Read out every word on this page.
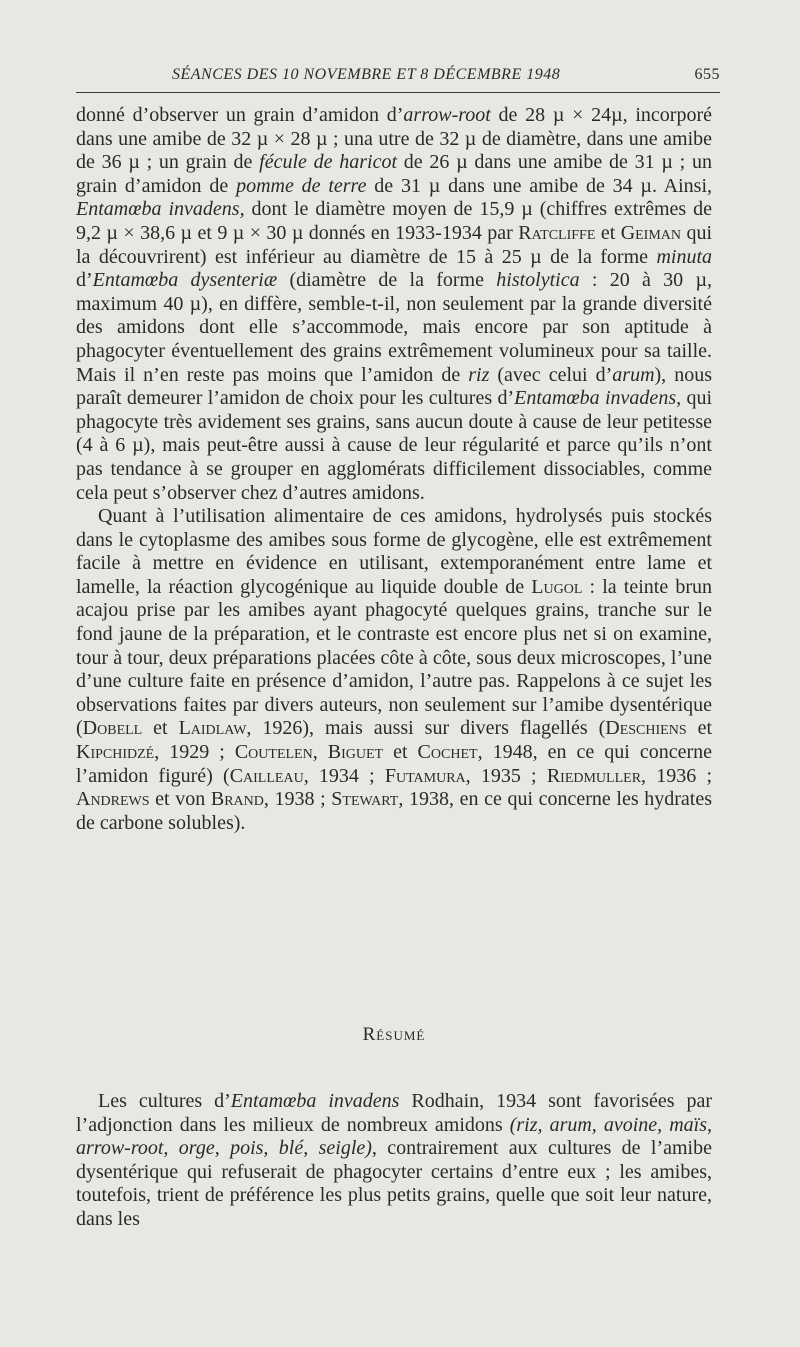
SÉANCES DES 10 NOVEMBRE ET 8 DÉCEMBRE 1948	655

donné d’observer un grain d’amidon d’arrow-root de 28 µ × 24µ, incorporé dans une amibe de 32 µ × 28 µ ; una utre de 32 µ de diamètre, dans une amibe de 36 µ ; un grain de fécule de haricot de 26 µ dans une amibe de 31 µ ; un grain d’amidon de pomme de terre de 31 µ dans une amibe de 34 µ. Ainsi, Entamœba invadens, dont le diamètre moyen de 15,9 µ (chiffres extrêmes de 9,2 µ × 38,6 µ et 9 µ × 30 µ donnés en 1933-1934 par Ratcliffe et Geiman qui la découvrirent) est inférieur au diamètre de 15 à 25 µ de la forme minuta d’Entamœba dysenteriæ (diamètre de la forme histolytica : 20 à 30 µ, maximum 40 µ), en diffère, semble-t-il, non seulement par la grande diversité des amidons dont elle s’accommode, mais encore par son aptitude à phagocyter éventuellement des grains extrêmement volumineux pour sa taille. Mais il n’en reste pas moins que l’amidon de riz (avec celui d’arum), nous paraît demeurer l’amidon de choix pour les cultures d’Entamœba invadens, qui phagocyte très avidement ses grains, sans aucun doute à cause de leur petitesse (4 à 6 µ), mais peut-être aussi à cause de leur régularité et parce qu’ils n’ont pas tendance à se grouper en agglomérats difficilement dissociables, comme cela peut s’observer chez d’autres amidons.

Quant à l’utilisation alimentaire de ces amidons, hydrolysés puis stockés dans le cytoplasme des amibes sous forme de glycogène, elle est extrêmement facile à mettre en évidence en utilisant, extemporanément entre lame et lamelle, la réaction glycogénique au liquide double de Lugol : la teinte brun acajou prise par les amibes ayant phagocyté quelques grains, tranche sur le fond jaune de la préparation, et le contraste est encore plus net si on examine, tour à tour, deux préparations placées côte à côte, sous deux microscopes, l’une d’une culture faite en présence d’amidon, l’autre pas. Rappelons à ce sujet les observations faites par divers auteurs, non seulement sur l’amibe dysentérique (Dobell et Laidlaw, 1926), mais aussi sur divers flagellés (Deschiens et Kipchidzé, 1929 ; Coutelen, Biguet et Cochet, 1948, en ce qui concerne l’amidon figuré) (Cailleau, 1934 ; Futamura, 1935 ; Riedmuller, 1936 ; Andrews et von Brand, 1938 ; Stewart, 1938, en ce qui concerne les hydrates de carbone solubles).

Résumé

Les cultures d’Entamœba invadens Rodhain, 1934 sont favorisées par l’adjonction dans les milieux de nombreux amidons (riz, arum, avoine, maïs, arrow-root, orge, pois, blé, seigle), contrairement aux cultures de l’amibe dysentérique qui refuserait de phagocyter certains d’entre eux ; les amibes, toutefois, trient de préférence les plus petits grains, quelle que soit leur nature, dans les
